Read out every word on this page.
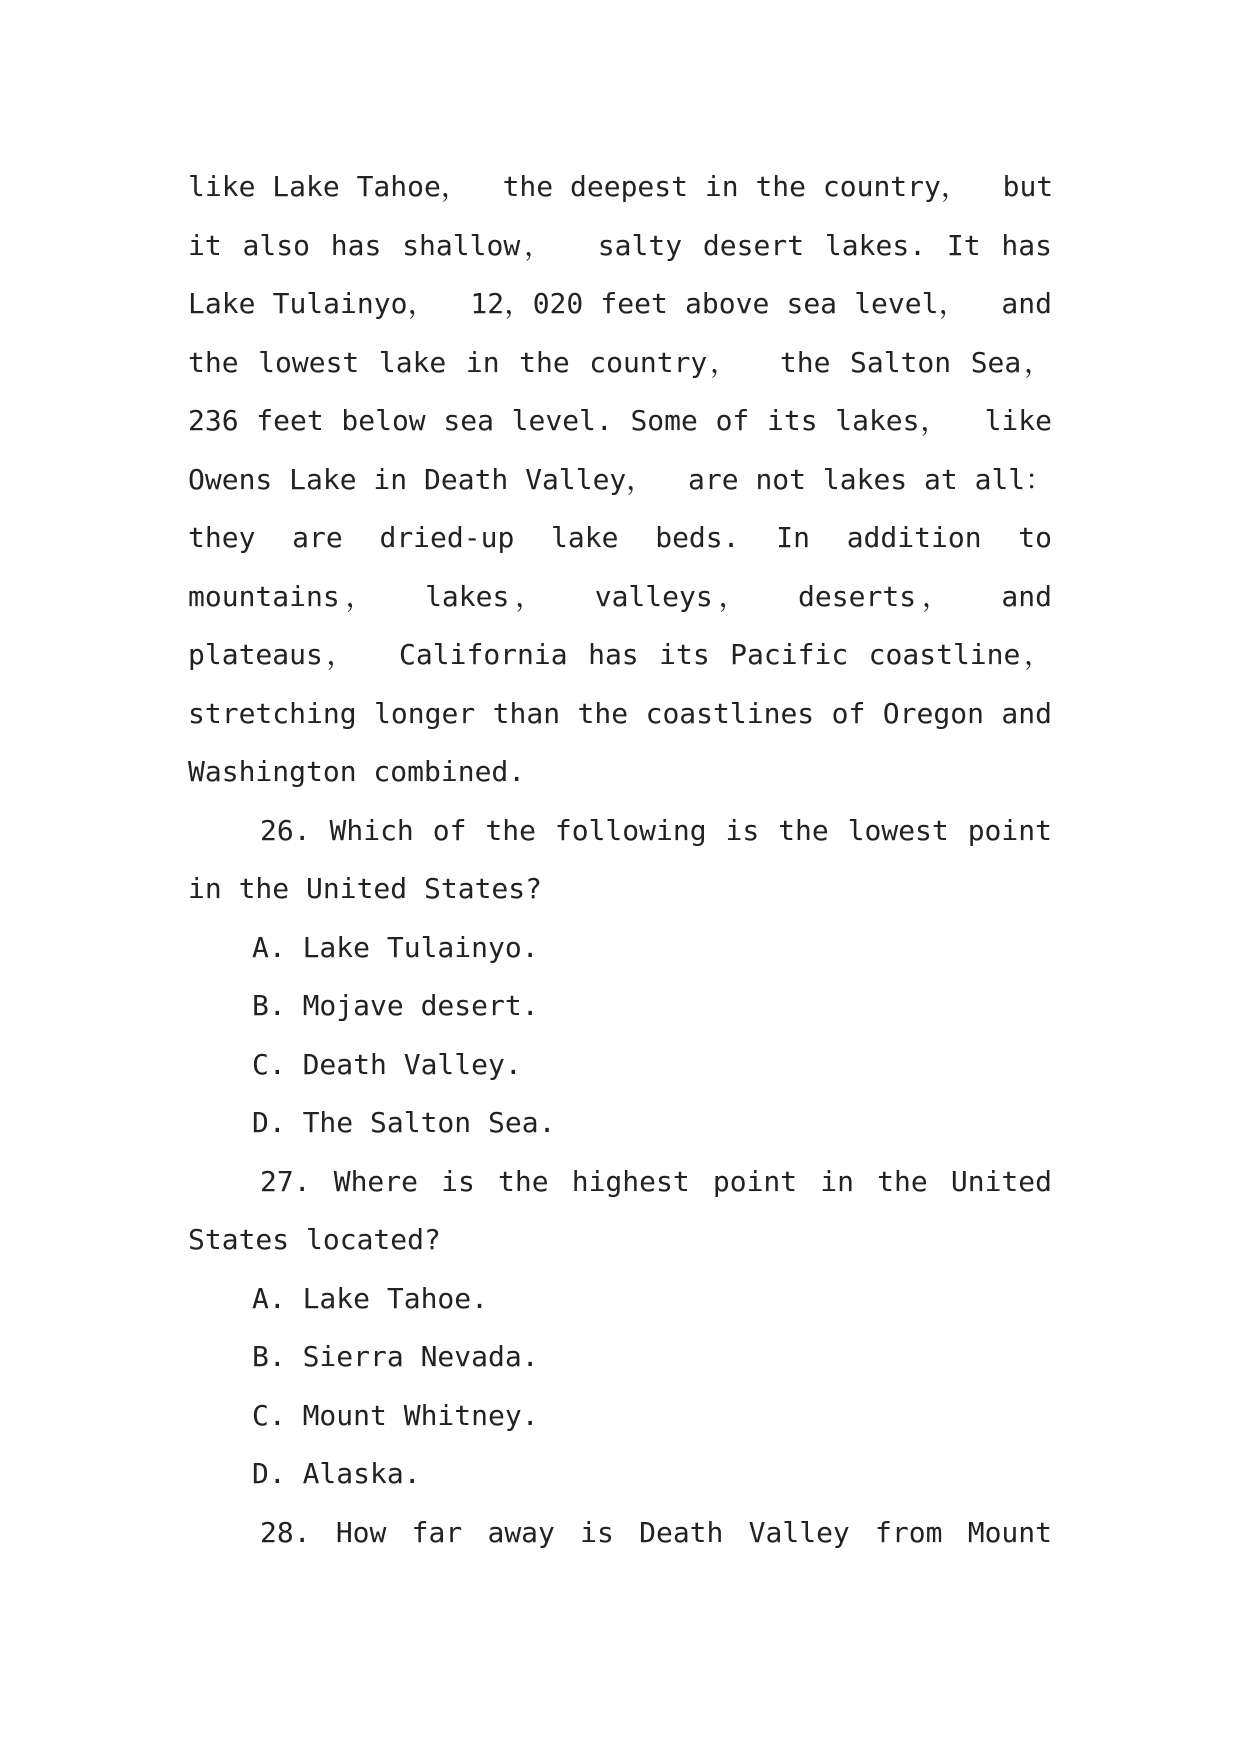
like Lake Tahoe，  the deepest in the country，  but
it also has shallow，  salty desert lakes. It has
Lake Tulainyo，  12，020 feet above sea level，  and
the lowest lake in the country，  the Salton Sea，
236 feet below sea level. Some of its lakes，  like
Owens Lake in Death Valley，  are not lakes at all：
they are dried-up lake beds. In addition to
mountains，  lakes，  valleys，  deserts，  and
plateaus，  California has its Pacific coastline，
stretching longer than the coastlines of Oregon and
Washington combined.
26. Which of the following is the lowest point
in the United States?
A. Lake Tulainyo.
B. Mojave desert.
C. Death Valley.
D. The Salton Sea.
27. Where is the highest point in the United
States located?
A. Lake Tahoe.
B. Sierra Nevada.
C. Mount Whitney.
D. Alaska.
28. How far away is Death Valley from Mount
